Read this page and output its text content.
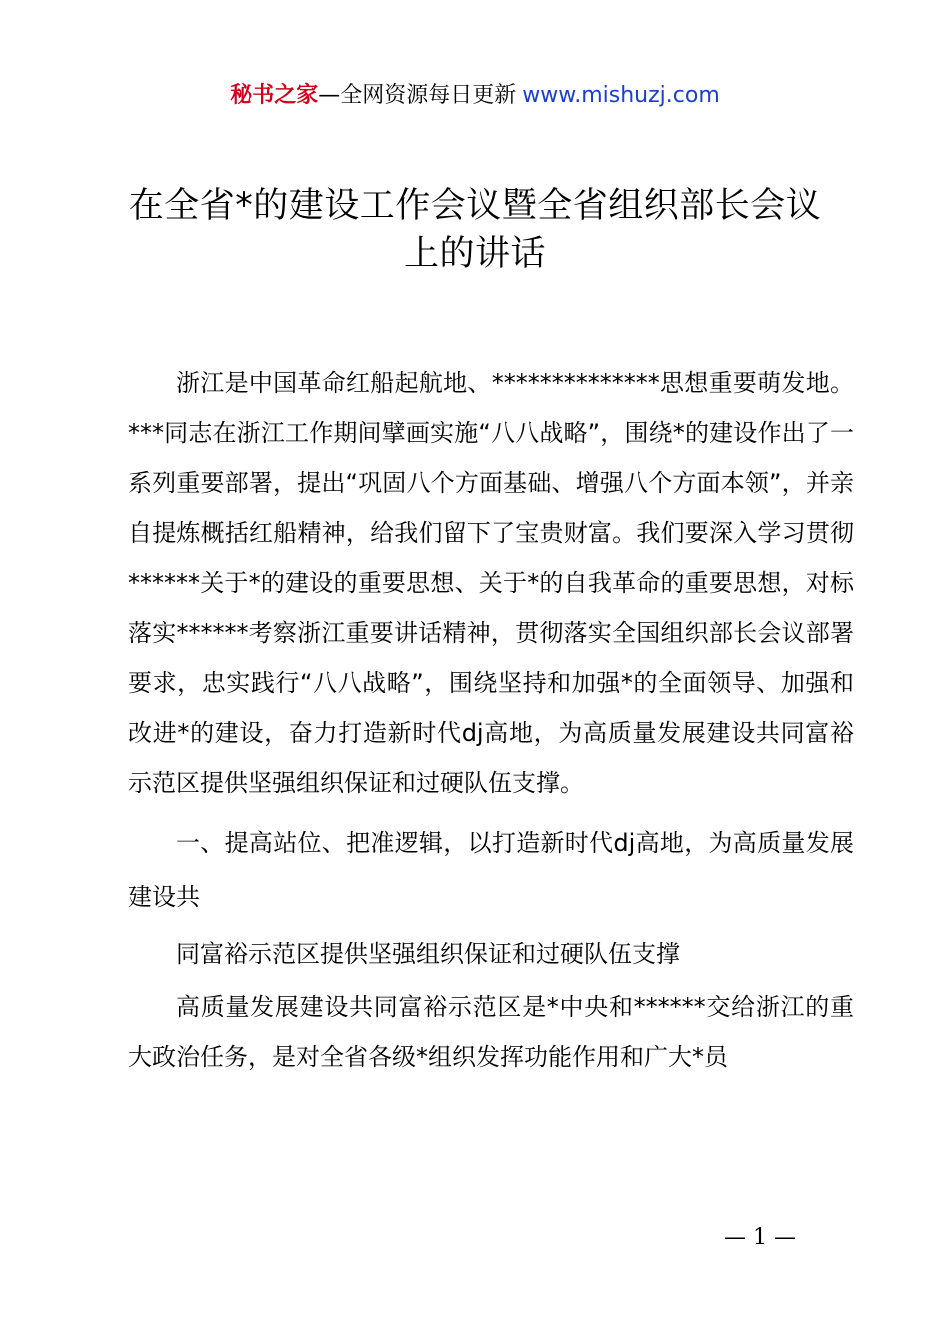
秘书之家—全网资源每日更新 www.mishuzj.com
在全省*的建设工作会议暨全省组织部长会议
上的讲话

浙江是中国革命红船起航地、**************思想重要萌发地。***同志在浙江工作期间擘画实施“八八战略”，围绕*的建设作出了一系列重要部署，提出“巩固八个方面基础、增强八个方面本领”，并亲自提炼概括红船精神，给我们留下了宝贵财富。我们要深入学习贯彻******关于*的建设的重要思想、关于*的自我革命的重要思想，对标落实******考察浙江重要讲话精神，贯彻落实全国组织部长会议部署要求，忠实践行“八八战略”，围绕坚持和加强*的全面领导、加强和改进*的建设，奋力打造新时代dj高地，为高质量发展建设共同富裕示范区提供坚强组织保证和过硬队伍支撑。

一、提高站位、把准逻辑，以打造新时代dj高地，为高质量发展建设共

同富裕示范区提供坚强组织保证和过硬队伍支撑

高质量发展建设共同富裕示范区是*中央和******交给浙江的重大政治任务，是对全省各级*组织发挥功能作用和广大*员

— 1 —
